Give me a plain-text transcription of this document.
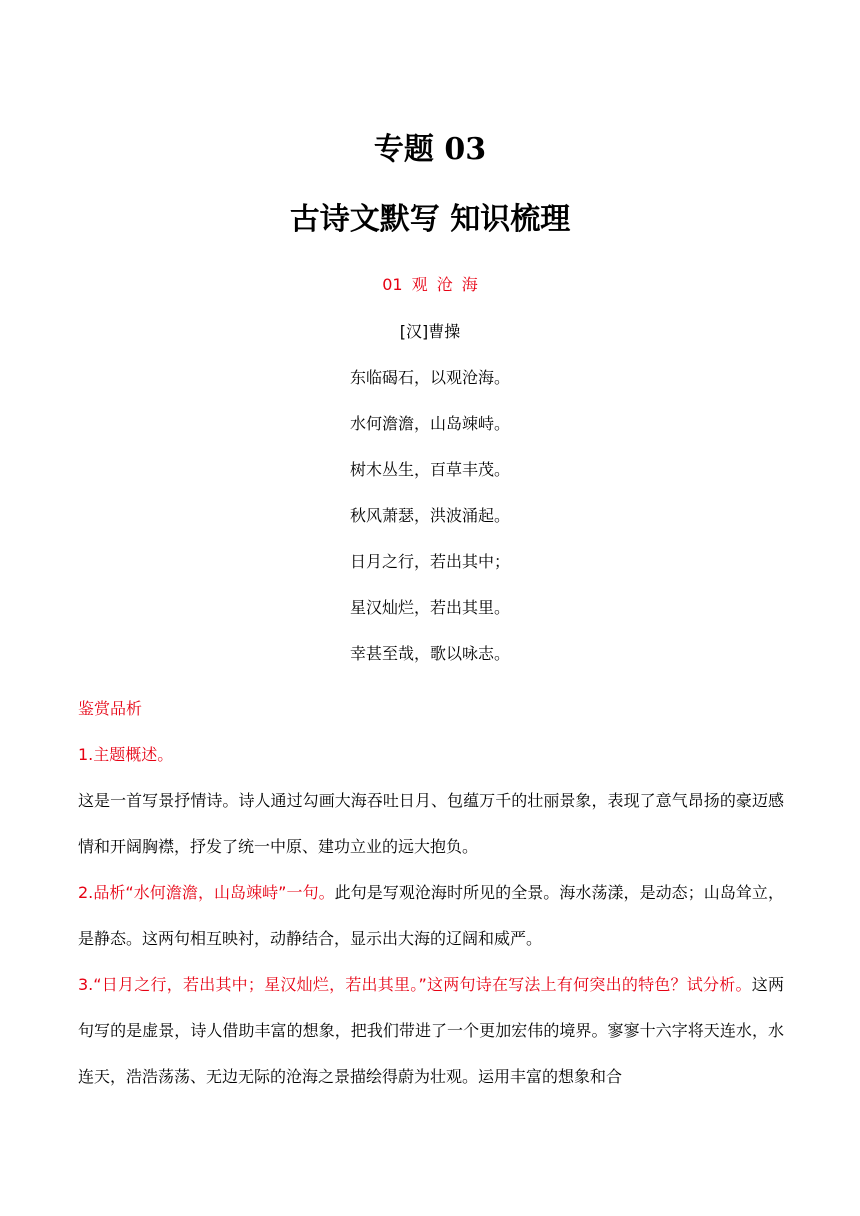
专题 03
古诗文默写 知识梳理
01 观 沧 海
[汉]曹操
东临碣石，以观沧海。
水何澹澹，山岛竦峙。
树木丛生，百草丰茂。
秋风萧瑟，洪波涌起。
日月之行，若出其中；
星汉灿烂，若出其里。
幸甚至哉，歌以咏志。

鉴赏品析

1.主题概述。

这是一首写景抒情诗。诗人通过勾画大海吞吐日月、包蕴万千的壮丽景象，表现了意气昂扬的豪迈感情和开阔胸襟，抒发了统一中原、建功立业的远大抱负。

2.品析“水何澹澹，山岛竦峙”一句。此句是写观沧海时所见的全景。海水荡漾，是动态；山岛耸立，是静态。这两句相互映衬，动静结合，显示出大海的辽阔和威严。

3.“日月之行，若出其中；星汉灿烂，若出其里。”这两句诗在写法上有何突出的特色？试分析。这两句写的是虚景，诗人借助丰富的想象，把我们带进了一个更加宏伟的境界。寥寥十六字将天连水，水连天，浩浩荡荡、无边无际的沧海之景描绘得蔚为壮观。运用丰富的想象和合
